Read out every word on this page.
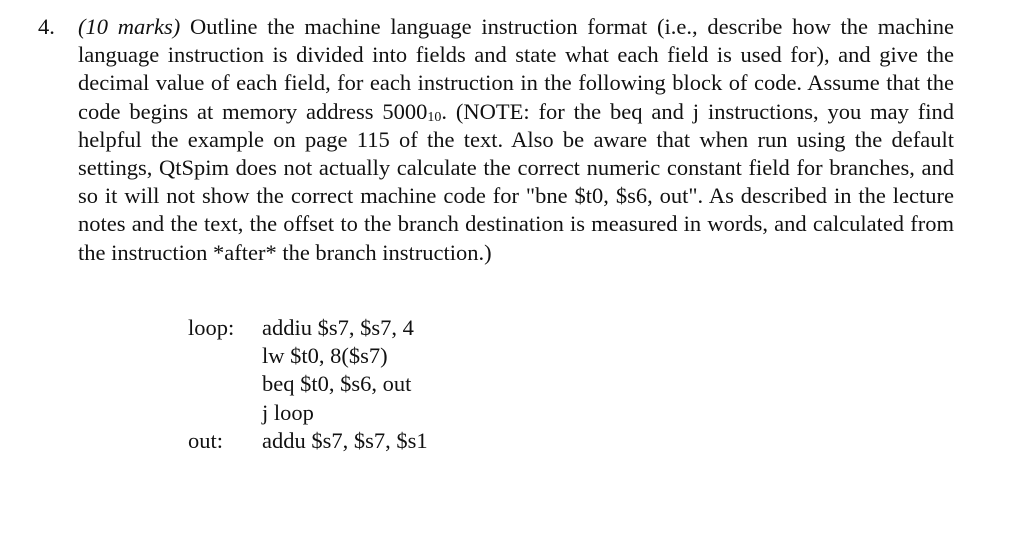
4. (10 marks) Outline the machine language instruction format (i.e., describe how the machine language instruction is divided into fields and state what each field is used for), and give the decimal value of each field, for each instruction in the following block of code. Assume that the code begins at memory address $5000_{10}$. (NOTE: for the beq and j instructions, you may find helpful the example on page 115 of the text. Also be aware that when run using the default settings, QtSpim does not actually calculate the correct numeric constant field for branches, and so it will not show the correct machine code for "bne $t0, $s6, out". As described in the lecture notes and the text, the offset to the branch destination is measured in words, and calculated from the instruction *after* the branch instruction.)
loop:	addiu $s7, $s7, 4
lw $t0, 8($s7)
beq $t0, $s6, out
j loop
out:	addu $s7, $s7, $s1
